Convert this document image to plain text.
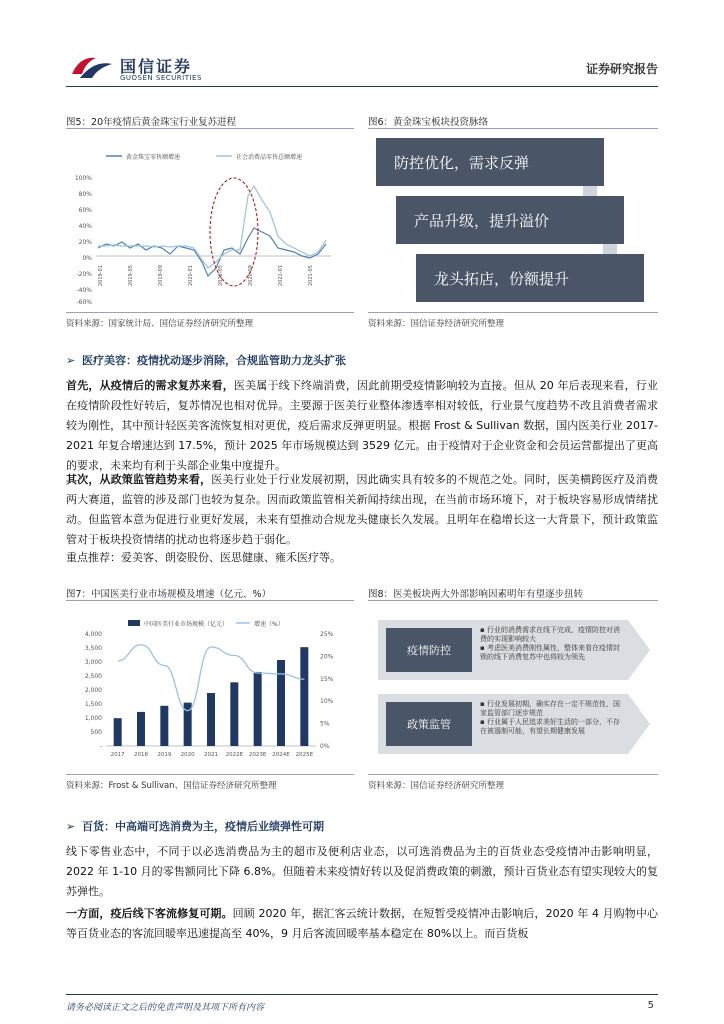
国信证券
GUOSEN SECURITIES
证券研究报告
图5：20年疫情后黄金珠宝行业复苏进程
黄金珠宝零售额增速	社会消费品零售总额增速
100%
80%
60%
40%
20%
0%
-20%
-40%
-60%
2019-01	2019-05	2019-09	2020-01	2020-05	2020-09	2021-01	2021-05
资料来源：国家统计局、国信证券经济研究所整理
图6：黄金珠宝板块投资脉络
防控优化，需求反弹
产品升级，提升溢价
龙头拓店，份额提升
资料来源：国信证券经济研究所整理
➢ 医疗美容：疫情扰动逐步消除，合规监管助力龙头扩张

首先，从疫情后的需求复苏来看，医美属于线下终端消费，因此前期受疫情影响较为直接。但从 20 年后表现来看，行业在疫情阶段性好转后，复苏情况也相对优异。主要源于医美行业整体渗透率相对较低，行业景气度趋势不改且消费者需求较为刚性，其中预计轻医美客流恢复相对更优，疫后需求反弹更明显。根据 Frost & Sullivan 数据，国内医美行业 2017-2021 年复合增速达到 17.5%，预计 2025 年市场规模达到 3529 亿元。由于疫情对于企业资金和会员运营都提出了更高的要求，未来均有利于头部企业集中度提升。

其次，从政策监管趋势来看，医美行业处于行业发展初期，因此确实具有较多的不规范之处。同时，医美横跨医疗及消费两大赛道，监管的涉及部门也较为复杂。因而政策监管相关新闻持续出现，在当前市场环境下，对于板块容易形成情绪扰动。但监管本意为促进行业更好发展，未来有望推动合规龙头健康长久发展。且明年在稳增长这一大背景下，预计政策监管对于板块投资情绪的扰动也将逐步趋于弱化。

重点推荐：爱美客、朗姿股份、医思健康、雍禾医疗等。

图7：中国医美行业市场规模及增速（亿元、%）
中国医美行业市场规模（亿元）	增速（%）
-
500
1,000
1,500
2,000
2,500
3,000
3,500
4,000
0%
5%
10%
15%
20%
25%
2017 2018 2019 2020 2021 2022E 2023E 2024E 2025E
资料来源：Frost & Sullivan、国信证券经济研究所整理
图8：医美板块两大外部影响因素明年有望逐步扭转
疫情防控
▪ 行业的消费需求在线下完成，疫情防控对消费的实现影响较大
▪ 考虑医美消费刚性属性，整体来看在疫情封锁的线下消费复苏中也将较为领先
政策监管
▪ 行业发展初期，确实存在一定不规范性，国家监管部门逐步规范
▪ 行业属于人民追求美好生活的一部分，不存在被遏制可能，有望长期健康发展
资料来源：国信证券经济研究所整理
➢ 百货：中高端可选消费为主，疫情后业绩弹性可期

线下零售业态中，不同于以必选消费品为主的超市及便利店业态，以可选消费品为主的百货业态受疫情冲击影响明显，2022 年 1-10 月的零售额同比下降 6.8%。但随着未来疫情好转以及促消费政策的刺激，预计百货业态有望实现较大的复苏弹性。

一方面，疫后线下客流修复可期。回顾 2020 年，据汇客云统计数据，在短暂受疫情冲击影响后，2020 年 4 月购物中心等百货业态的客流回暖率迅速提高至 40%，9 月后客流回暖率基本稳定在 80%以上。而百货板

请务必阅读正文之后的免责声明及其项下所有内容	5
